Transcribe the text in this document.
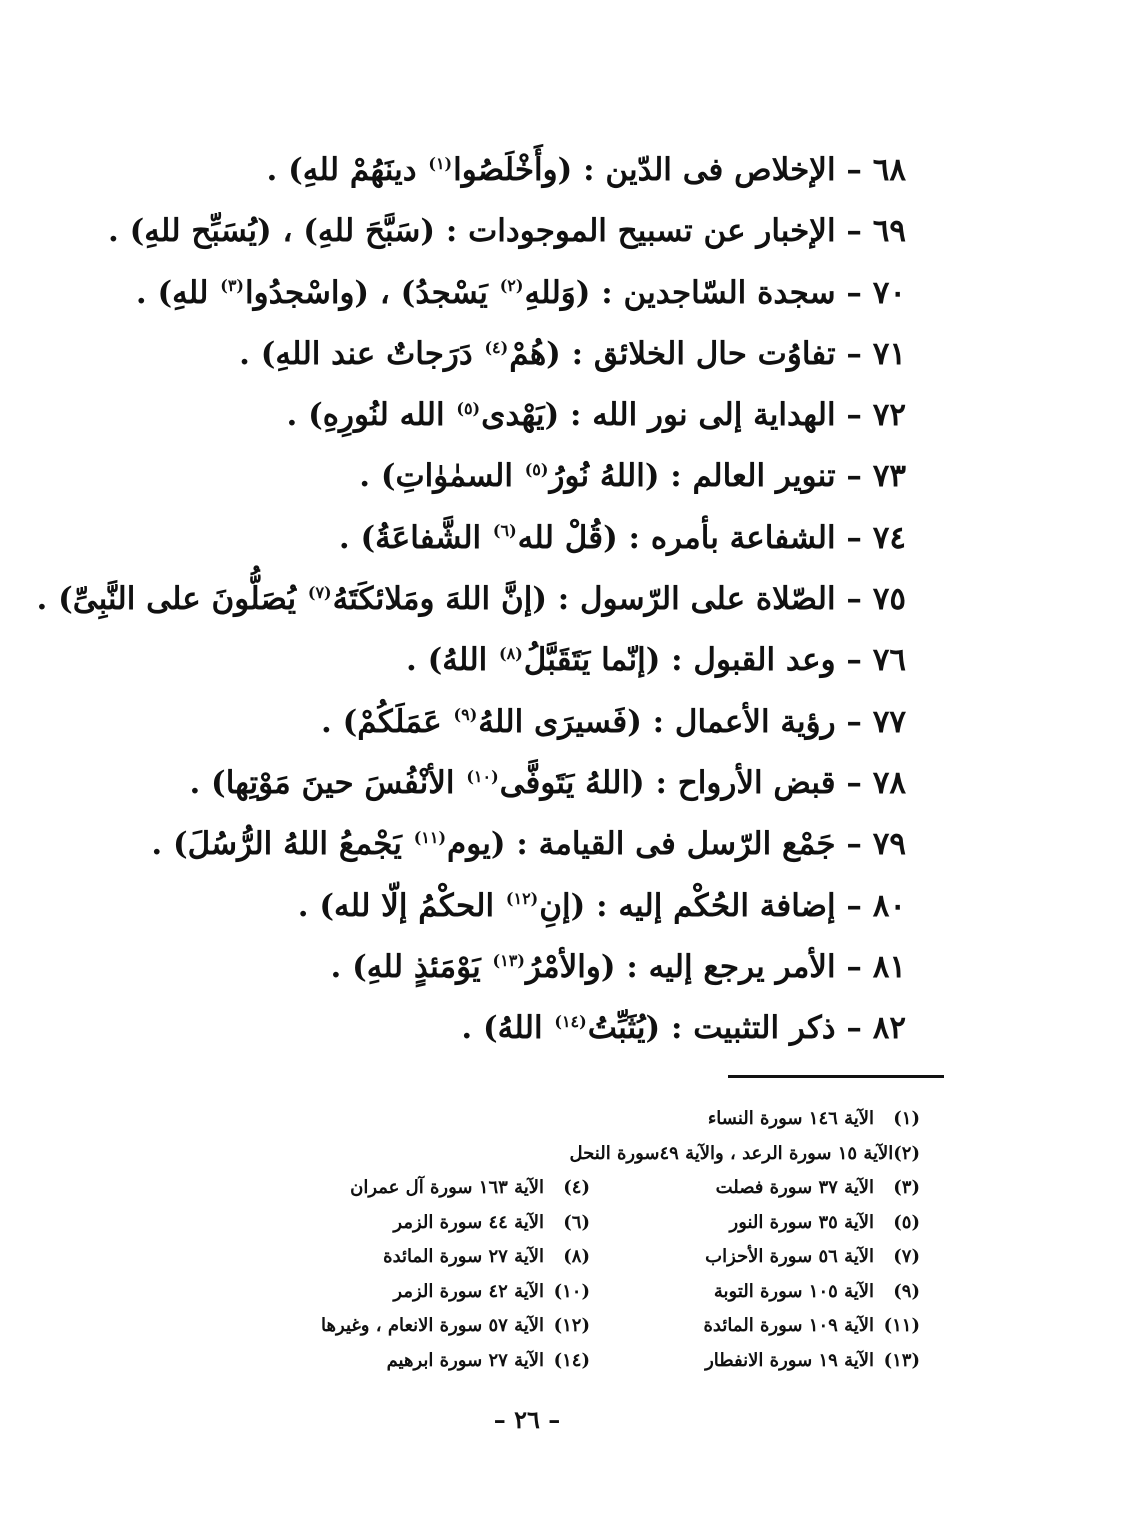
٦٨ – الإخلاص فى الدّين : (وأَخْلَصُوا$^{(١)}$ دينَهُمْ للهِ) .
٦٩ – الإخبار عن تسبيح الموجودات : (سَبَّحَ للهِ) ، (يُسَبِّح للهِ) .
٧٠ – سجدة السّاجدين : (وَللهِ$^{(٢)}$ يَسْجدُ) ، (واسْجدُوا$^{(٣)}$ للهِ) .
٧١ – تفاوُت حال الخلائق : (هُمْ$^{(٤)}$ دَرَجاتٌ عند اللهِ) .
٧٢ – الهداية إلى نور الله : (يَهْدى$^{(٥)}$ الله لنُورِهِ) .
٧٣ – تنوير العالم : (اللهُ نُورُ$^{(٥)}$ السمٰوٰاتِ) .
٧٤ – الشفاعة بأمره : (قُلْ لله$^{(٦)}$ الشَّفاعَةُ) .
٧٥ – الصّلاة على الرّسول : (إنَّ اللهَ ومَلائكَتَهُ$^{(٧)}$ يُصَلُّونَ على النَّبِىِّ) .
٧٦ – وعد القبول : (إنّما يَتَقَبَّلُ$^{(٨)}$ اللهُ) .
٧٧ – رؤية الأعمال : (فَسيرَى اللهُ$^{(٩)}$ عَمَلَكُمْ) .
٧٨ – قبض الأرواح : (اللهُ يَتَوفَّى$^{(١٠)}$ الأنْفُسَ حينَ مَوْتِها) .
٧٩ – جَمْع الرّسل فى القيامة : (يوم$^{(١١)}$ يَجْمعُ اللهُ الرُّسُلَ) .
٨٠ – إضافة الحُكْم إليه : (إنِ$^{(١٢)}$ الحكْمُ إلّا لله) .
٨١ – الأمر يرجع إليه : (والأمْرُ$^{(١٣)}$ يَوْمَئذٍ للهِ) .
٨٢ – ذكر التثبيت : (يُثَبِّتُ$^{(١٤)}$ اللهُ) .
(١)
الآية ١٤٦ سورة النساء
(٢)
الآية ١٥ سورة الرعد ، والآية ٤٩سورة النحل
(٣)
الآية ٣٧ سورة فصلت
(٤)
الآية ١٦٣ سورة آل عمران
(٥)
الآية ٣٥ سورة النور
(٦)
الآية ٤٤ سورة الزمر
(٧)
الآية ٥٦ سورة الأحزاب
(٨)
الآية ٢٧ سورة المائدة
(٩)
الآية ١٠٥ سورة التوبة
(١٠)
الآية ٤٢ سورة الزمر
(١١)
الآية ١٠٩ سورة المائدة
(١٢)
الآية ٥٧ سورة الانعام ، وغيرها
(١٣)
الآية ١٩ سورة الانفطار
(١٤)
الآية ٢٧ سورة ابرهيم
– ٢٦ –
